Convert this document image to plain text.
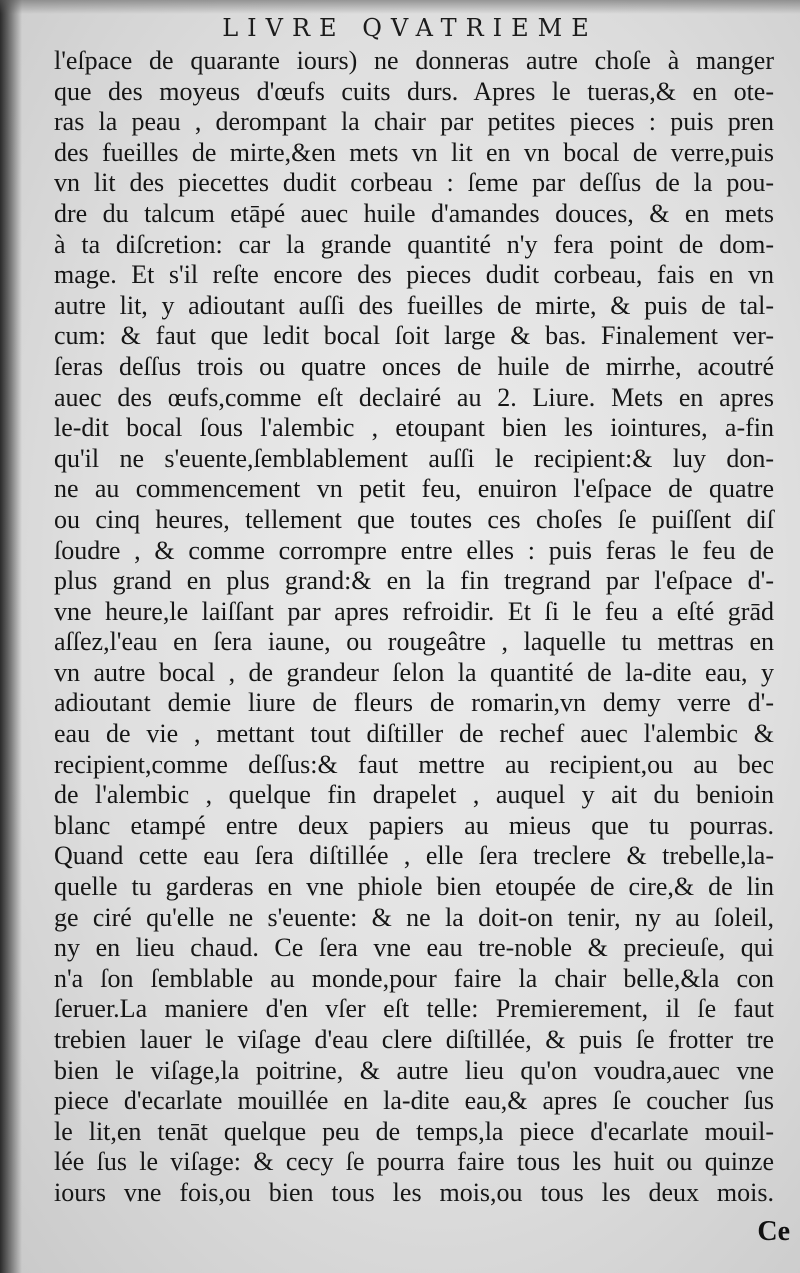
LIVRE QVATRIEME
l'eſpace de quarante iours) ne donneras autre choſe à manger
que des moyeus d'œufs cuits durs. Apres le tueras,& en ote-
ras la peau , derompant la chair par petites pieces : puis pren
des fueilles de mirte,&en mets vn lit en vn bocal de verre,puis
vn lit des piecettes dudit corbeau : ſeme par deſſus de la pou-
dre du talcum etāpé auec huile d'amandes douces, & en mets
à ta diſcretion: car la grande quantité n'y fera point de dom-
mage. Et s'il reſte encore des pieces dudit corbeau, fais en vn
autre lit, y adioutant auſſi des fueilles de mirte, & puis de tal-
cum: & faut que ledit bocal ſoit large & bas. Finalement ver-
ſeras deſſus trois ou quatre onces de huile de mirrhe, acoutré
auec des œufs,comme eſt declairé au 2. Liure. Mets en apres
le-dit bocal ſous l'alembic , etoupant bien les iointures, a-fin
qu'il ne s'euente,ſemblablement auſſi le recipient:& luy don-
ne au commencement vn petit feu, enuiron l'eſpace de quatre
ou cinq heures, tellement que toutes ces choſes ſe puiſſent diſ
ſoudre , & comme corrompre entre elles : puis feras le feu de
plus grand en plus grand:& en la fin tregrand par l'eſpace d'-
vne heure,le laiſſant par apres refroidir. Et ſi le feu a eſté grād
aſſez,l'eau en ſera iaune, ou rougeâtre , laquelle tu mettras en
vn autre bocal , de grandeur ſelon la quantité de la-dite eau, y
adioutant demie liure de fleurs de romarin,vn demy verre d'-
eau de vie , mettant tout diſtiller de rechef auec l'alembic &
recipient,comme deſſus:& faut mettre au recipient,ou au bec
de l'alembic , quelque fin drapelet , auquel y ait du benioin
blanc etampé entre deux papiers au mieus que tu pourras.
Quand cette eau ſera diſtillée , elle ſera treclere & trebelle,la-
quelle tu garderas en vne phiole bien etoupée de cire,& de lin
ge ciré qu'elle ne s'euente: & ne la doit-on tenir, ny au ſoleil,
ny en lieu chaud. Ce ſera vne eau tre-noble & precieuſe, qui
n'a ſon ſemblable au monde,pour faire la chair belle,&la con
ſeruer.La maniere d'en vſer eſt telle: Premierement, il ſe faut
trebien lauer le viſage d'eau clere diſtillée, & puis ſe frotter tre
bien le viſage,la poitrine, & autre lieu qu'on voudra,auec vne
piece d'ecarlate mouillée en la-dite eau,& apres ſe coucher ſus
le lit,en tenāt quelque peu de temps,la piece d'ecarlate mouil-
lée ſus le viſage: & cecy ſe pourra faire tous les huit ou quinze
iours vne fois,ou bien tous les mois,ou tous les deux mois.
Ce
